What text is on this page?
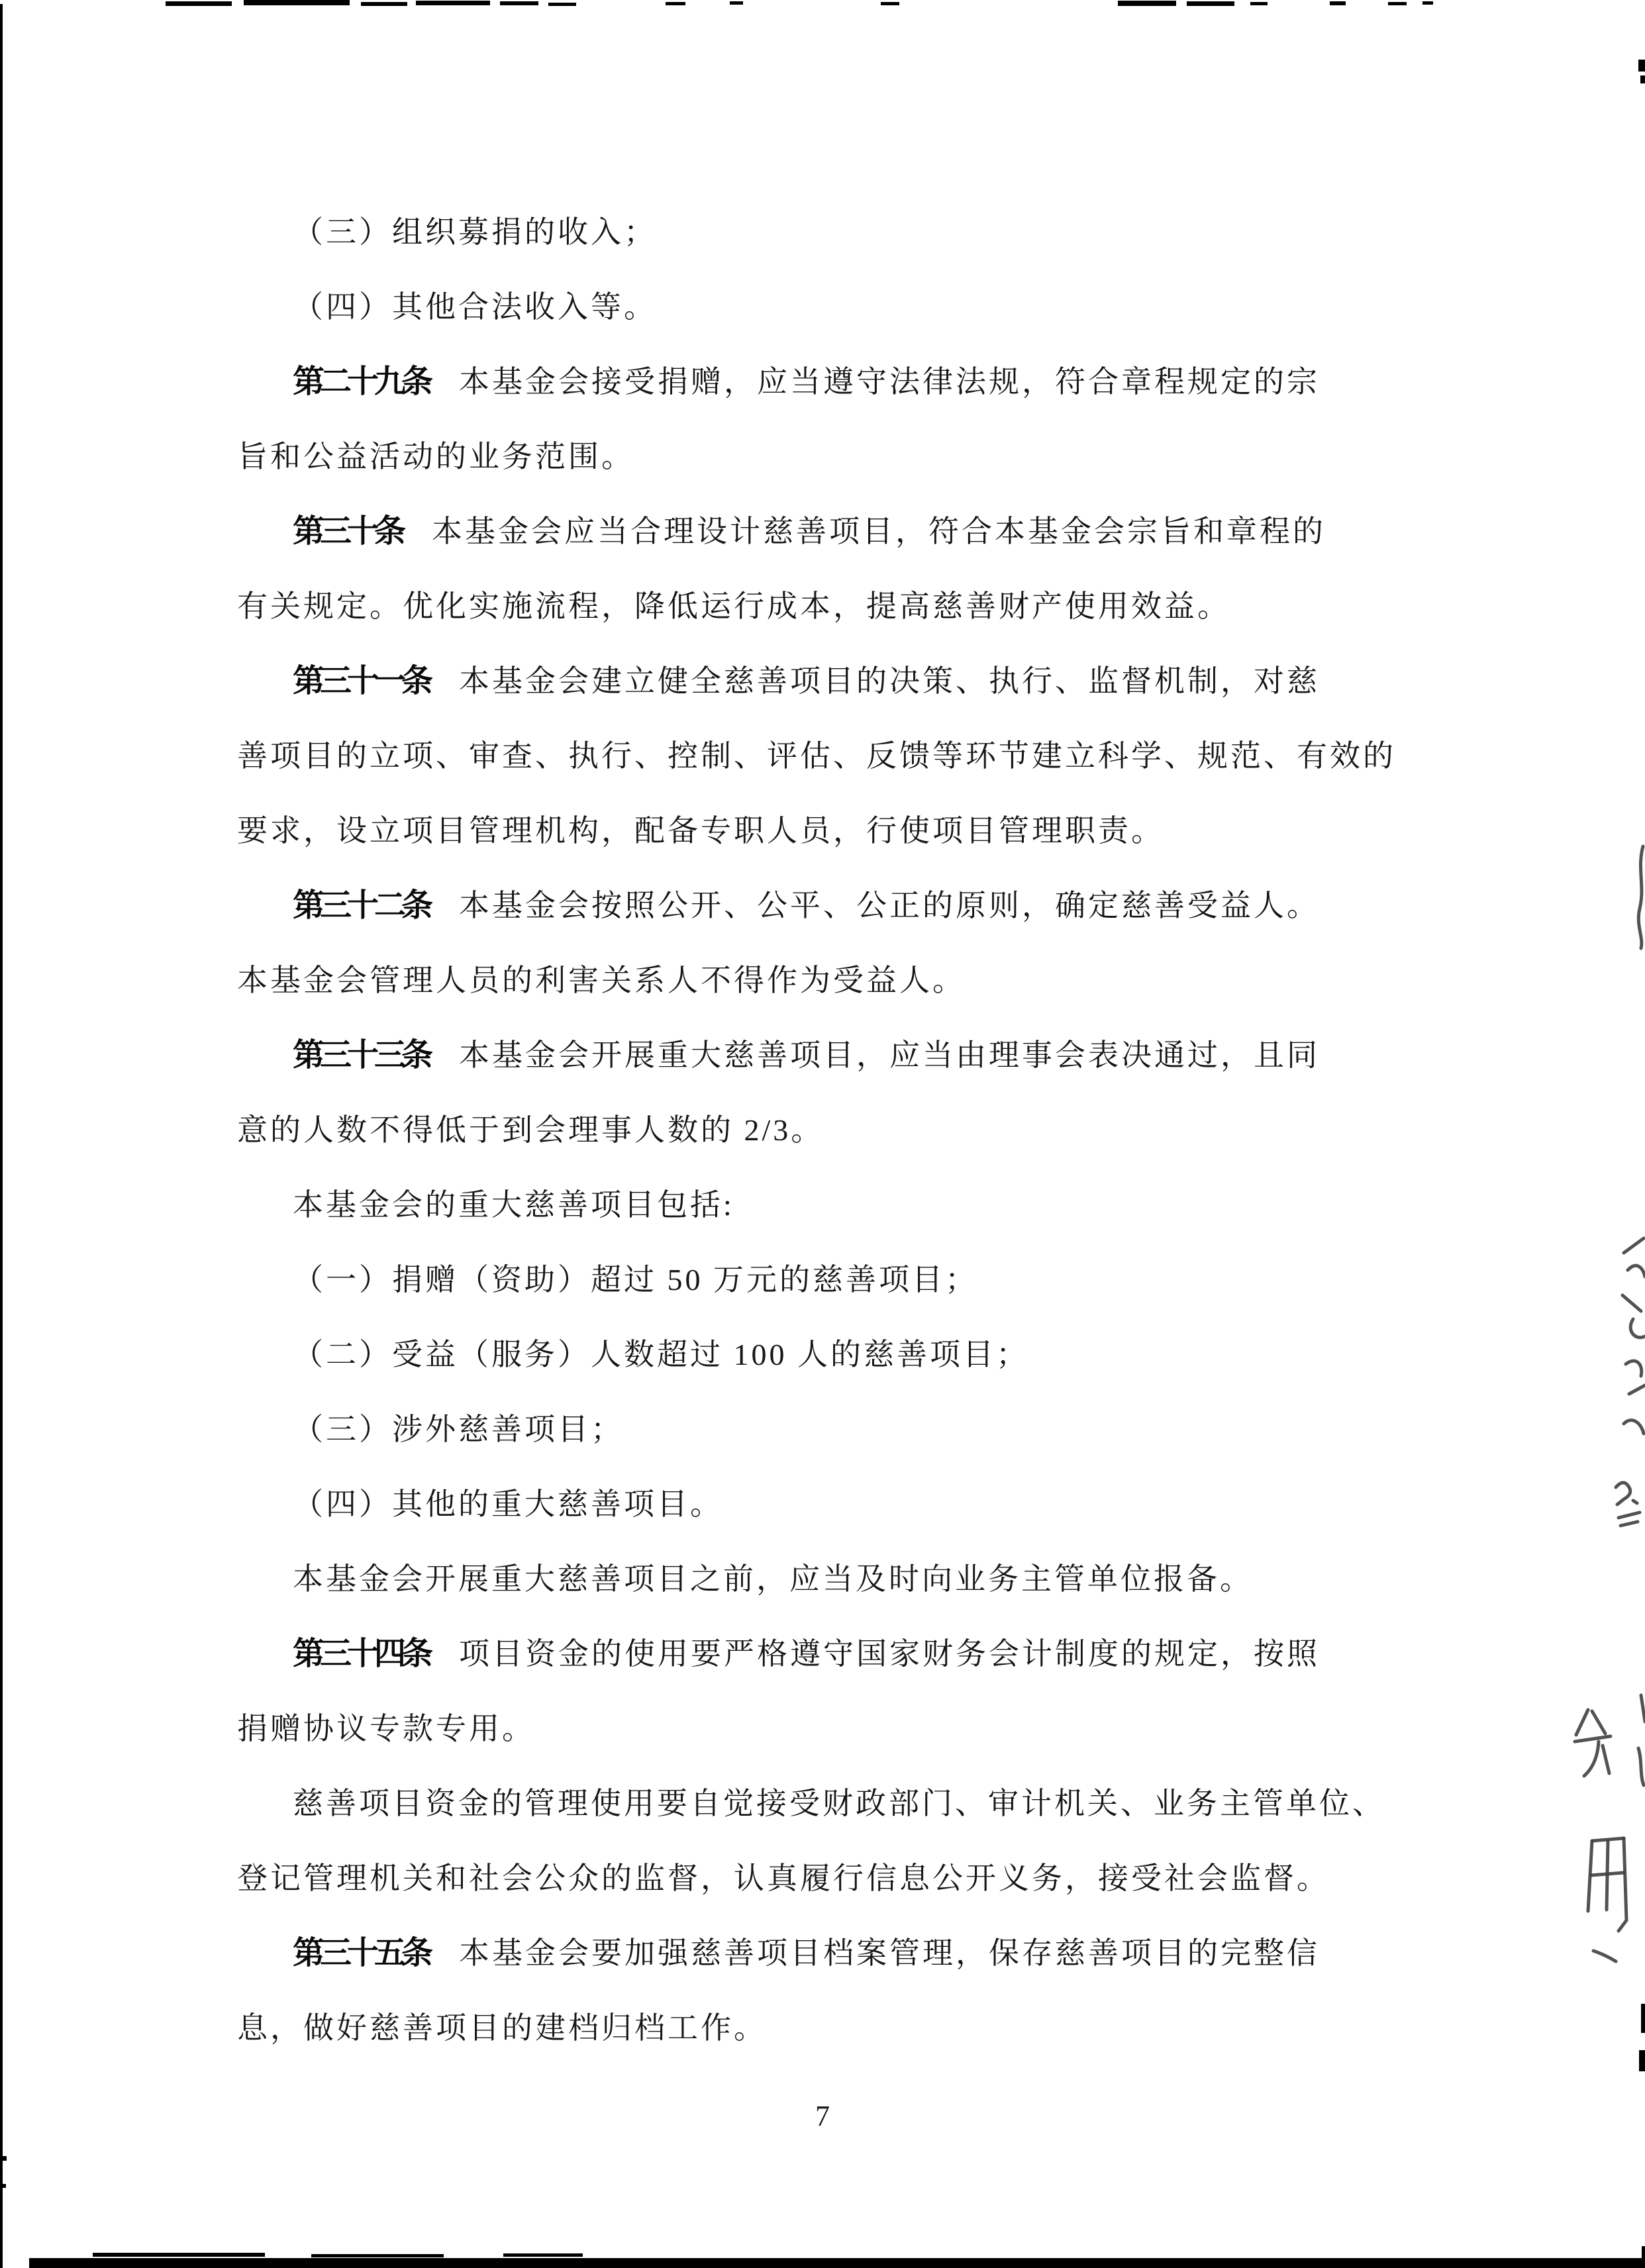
（三）组织募捐的收入；
（四）其他合法收入等。
第二十九条 本基金会接受捐赠，应当遵守法律法规，符合章程规定的宗
旨和公益活动的业务范围。
第三十条 本基金会应当合理设计慈善项目，符合本基金会宗旨和章程的
有关规定。优化实施流程，降低运行成本，提高慈善财产使用效益。
第三十一条 本基金会建立健全慈善项目的决策、执行、监督机制，对慈
善项目的立项、审查、执行、控制、评估、反馈等环节建立科学、规范、有效的
要求，设立项目管理机构，配备专职人员，行使项目管理职责。
第三十二条 本基金会按照公开、公平、公正的原则，确定慈善受益人。
本基金会管理人员的利害关系人不得作为受益人。
第三十三条 本基金会开展重大慈善项目，应当由理事会表决通过，且同
意的人数不得低于到会理事人数的 2/3。
本基金会的重大慈善项目包括:
（一）捐赠（资助）超过 50 万元的慈善项目；
（二）受益（服务）人数超过 100 人的慈善项目；
（三）涉外慈善项目；
（四）其他的重大慈善项目。
本基金会开展重大慈善项目之前，应当及时向业务主管单位报备。
第三十四条 项目资金的使用要严格遵守国家财务会计制度的规定，按照
捐赠协议专款专用。
慈善项目资金的管理使用要自觉接受财政部门、审计机关、业务主管单位、
登记管理机关和社会公众的监督，认真履行信息公开义务，接受社会监督。
第三十五条 本基金会要加强慈善项目档案管理，保存慈善项目的完整信
息，做好慈善项目的建档归档工作。
7
